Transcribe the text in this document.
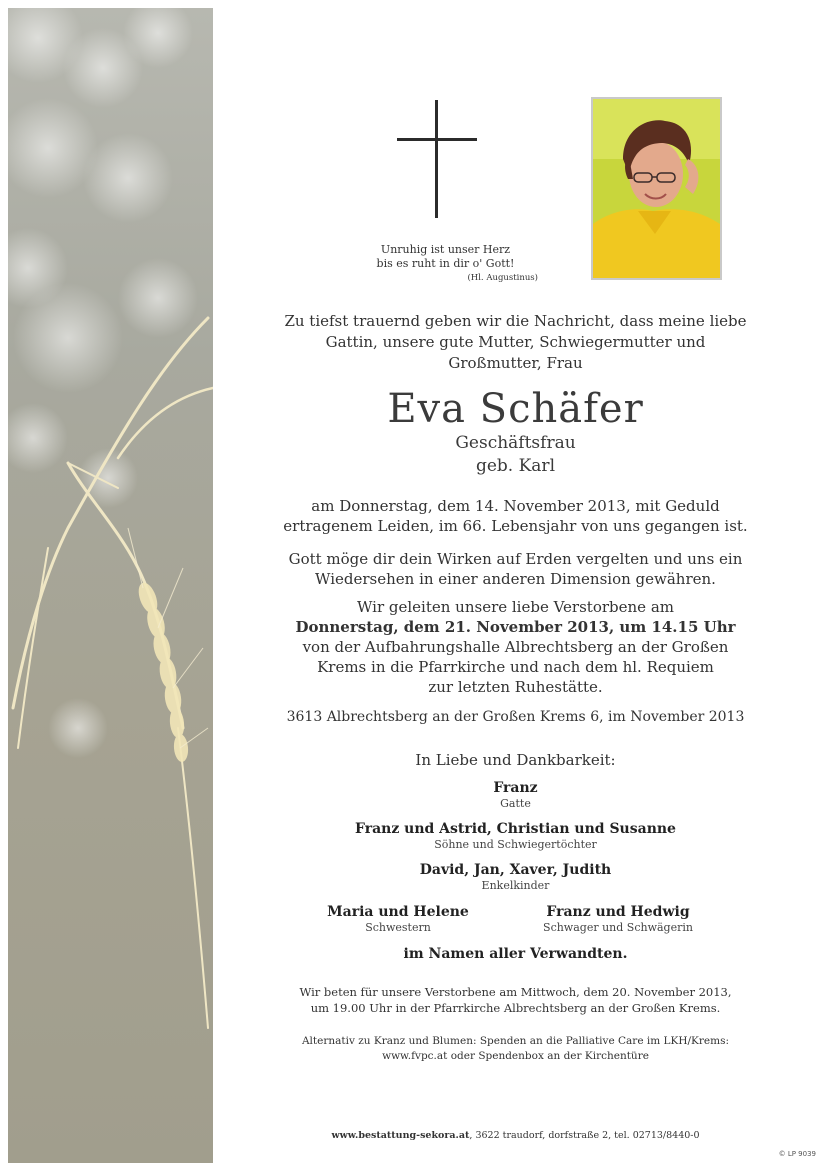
Unruhig ist unser Herz
bis es ruht in dir o' Gott!

(Hl. Augustinus)
Zu tiefst trauernd geben wir die Nachricht, dass meine liebe
Gattin, unsere gute Mutter, Schwiegermutter und
Großmutter, Frau
Eva Schäfer
Geschäftsfrau
geb. Karl
am Donnerstag, dem 14. November 2013, mit Geduld
ertragenem Leiden, im 66. Lebensjahr von uns gegangen ist.
Gott möge dir dein Wirken auf Erden vergelten und uns ein
Wiedersehen in einer anderen Dimension gewähren.
Wir geleiten unsere liebe Verstorbene am
Donnerstag, dem 21. November 2013, um 14.15 Uhr
von der Aufbahrungshalle Albrechtsberg an der Großen
Krems in die Pfarrkirche und nach dem hl. Requiem
zur letzten Ruhestätte.
3613 Albrechtsberg an der Großen Krems 6, im November 2013
In Liebe und Dankbarkeit:
Franz
Gatte
Franz und Astrid, Christian und Susanne
Söhne und Schwiegertöchter
David, Jan, Xaver, Judith
Enkelkinder
Maria und Helene
Schwestern
Franz und Hedwig
Schwager und Schwägerin
im Namen aller Verwandten.
Wir beten für unsere Verstorbene am Mittwoch, dem 20. November 2013,
um 19.00 Uhr in der Pfarrkirche Albrechtsberg an der Großen Krems.
Alternativ zu Kranz und Blumen: Spenden an die Palliative Care im LKH/Krems:
www.fvpc.at oder Spendenbox an der Kirchentüre
www.bestattung-sekora.at, 3622 traudorf, dorfstraße 2, tel. 02713/8440-0
© LP 9039
